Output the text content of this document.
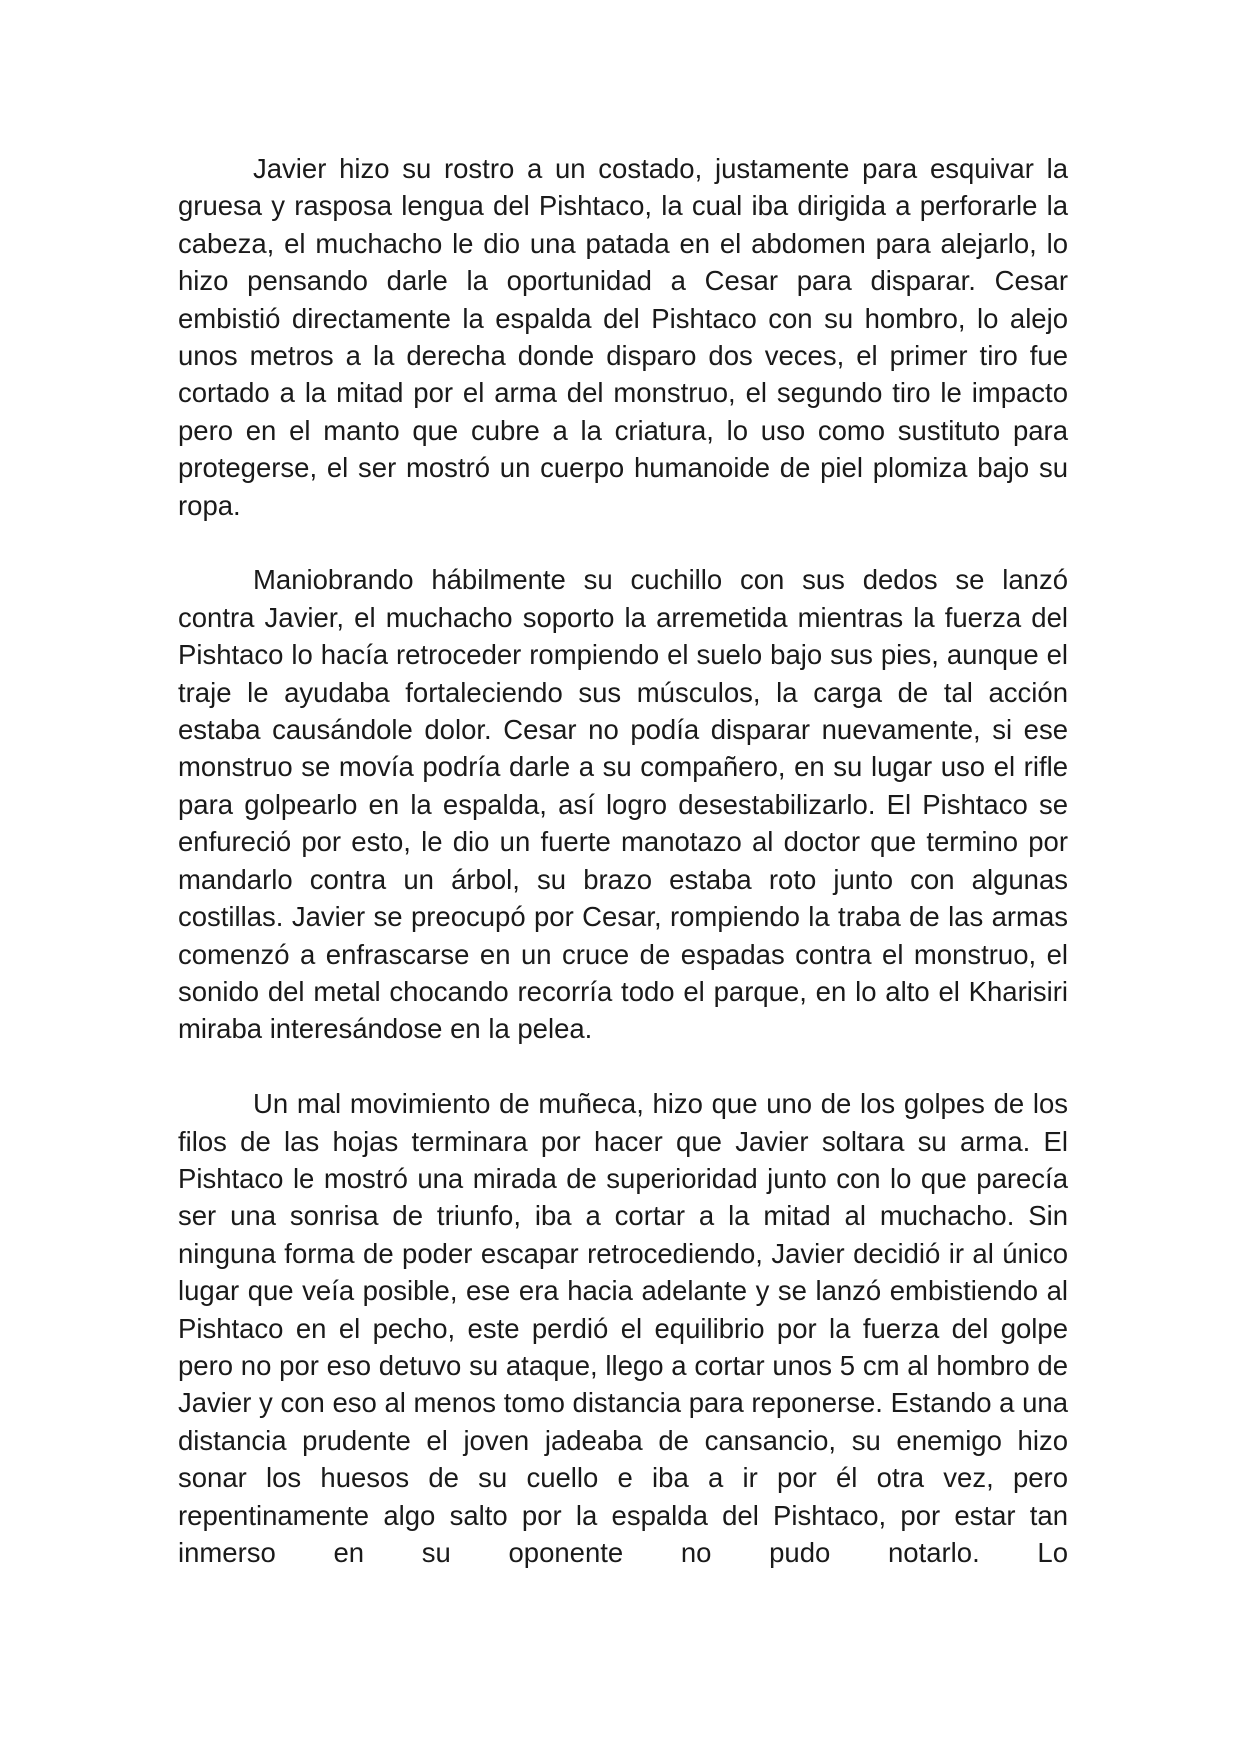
Javier hizo su rostro a un costado, justamente para esquivar la gruesa y rasposa lengua del Pishtaco, la cual iba dirigida a perforarle la cabeza, el muchacho le dio una patada en el abdomen para alejarlo, lo hizo pensando darle la oportunidad a Cesar para disparar. Cesar embistió directamente la espalda del Pishtaco con su hombro, lo alejo unos metros a la derecha donde disparo dos veces, el primer tiro fue cortado a la mitad por el arma del monstruo, el segundo tiro le impacto pero en el manto que cubre a la criatura, lo uso como sustituto para protegerse, el ser mostró un cuerpo humanoide de piel plomiza bajo su ropa.

Maniobrando hábilmente su cuchillo con sus dedos se lanzó contra Javier, el muchacho soporto la arremetida mientras la fuerza del Pishtaco lo hacía retroceder rompiendo el suelo bajo sus pies, aunque el traje le ayudaba fortaleciendo sus músculos, la carga de tal acción estaba causándole dolor. Cesar no podía disparar nuevamente, si ese monstruo se movía podría darle a su compañero, en su lugar uso el rifle para golpearlo en la espalda, así logro desestabilizarlo. El Pishtaco se enfureció por esto, le dio un fuerte manotazo al doctor que termino por mandarlo contra un árbol, su brazo estaba roto junto con algunas costillas. Javier se preocupó por Cesar, rompiendo la traba de las armas comenzó a enfrascarse en un cruce de espadas contra el monstruo, el sonido del metal chocando recorría todo el parque, en lo alto el Kharisiri miraba interesándose en la pelea.

Un mal movimiento de muñeca, hizo que uno de los golpes de los filos de las hojas terminara por hacer que Javier soltara su arma. El Pishtaco le mostró una mirada de superioridad junto con lo que parecía ser una sonrisa de triunfo, iba a cortar a la mitad al muchacho. Sin ninguna forma de poder escapar retrocediendo, Javier decidió ir al único lugar que veía posible, ese era hacia adelante y se lanzó embistiendo al Pishtaco en el pecho, este perdió el equilibrio por la fuerza del golpe pero no por eso detuvo su ataque, llego a cortar unos 5 cm al hombro de Javier y con eso al menos tomo distancia para reponerse. Estando a una distancia prudente el joven jadeaba de cansancio, su enemigo hizo sonar los huesos de su cuello e iba a ir por él otra vez, pero repentinamente algo salto por la espalda del Pishtaco, por estar tan inmerso en su oponente no pudo notarlo. Lo
